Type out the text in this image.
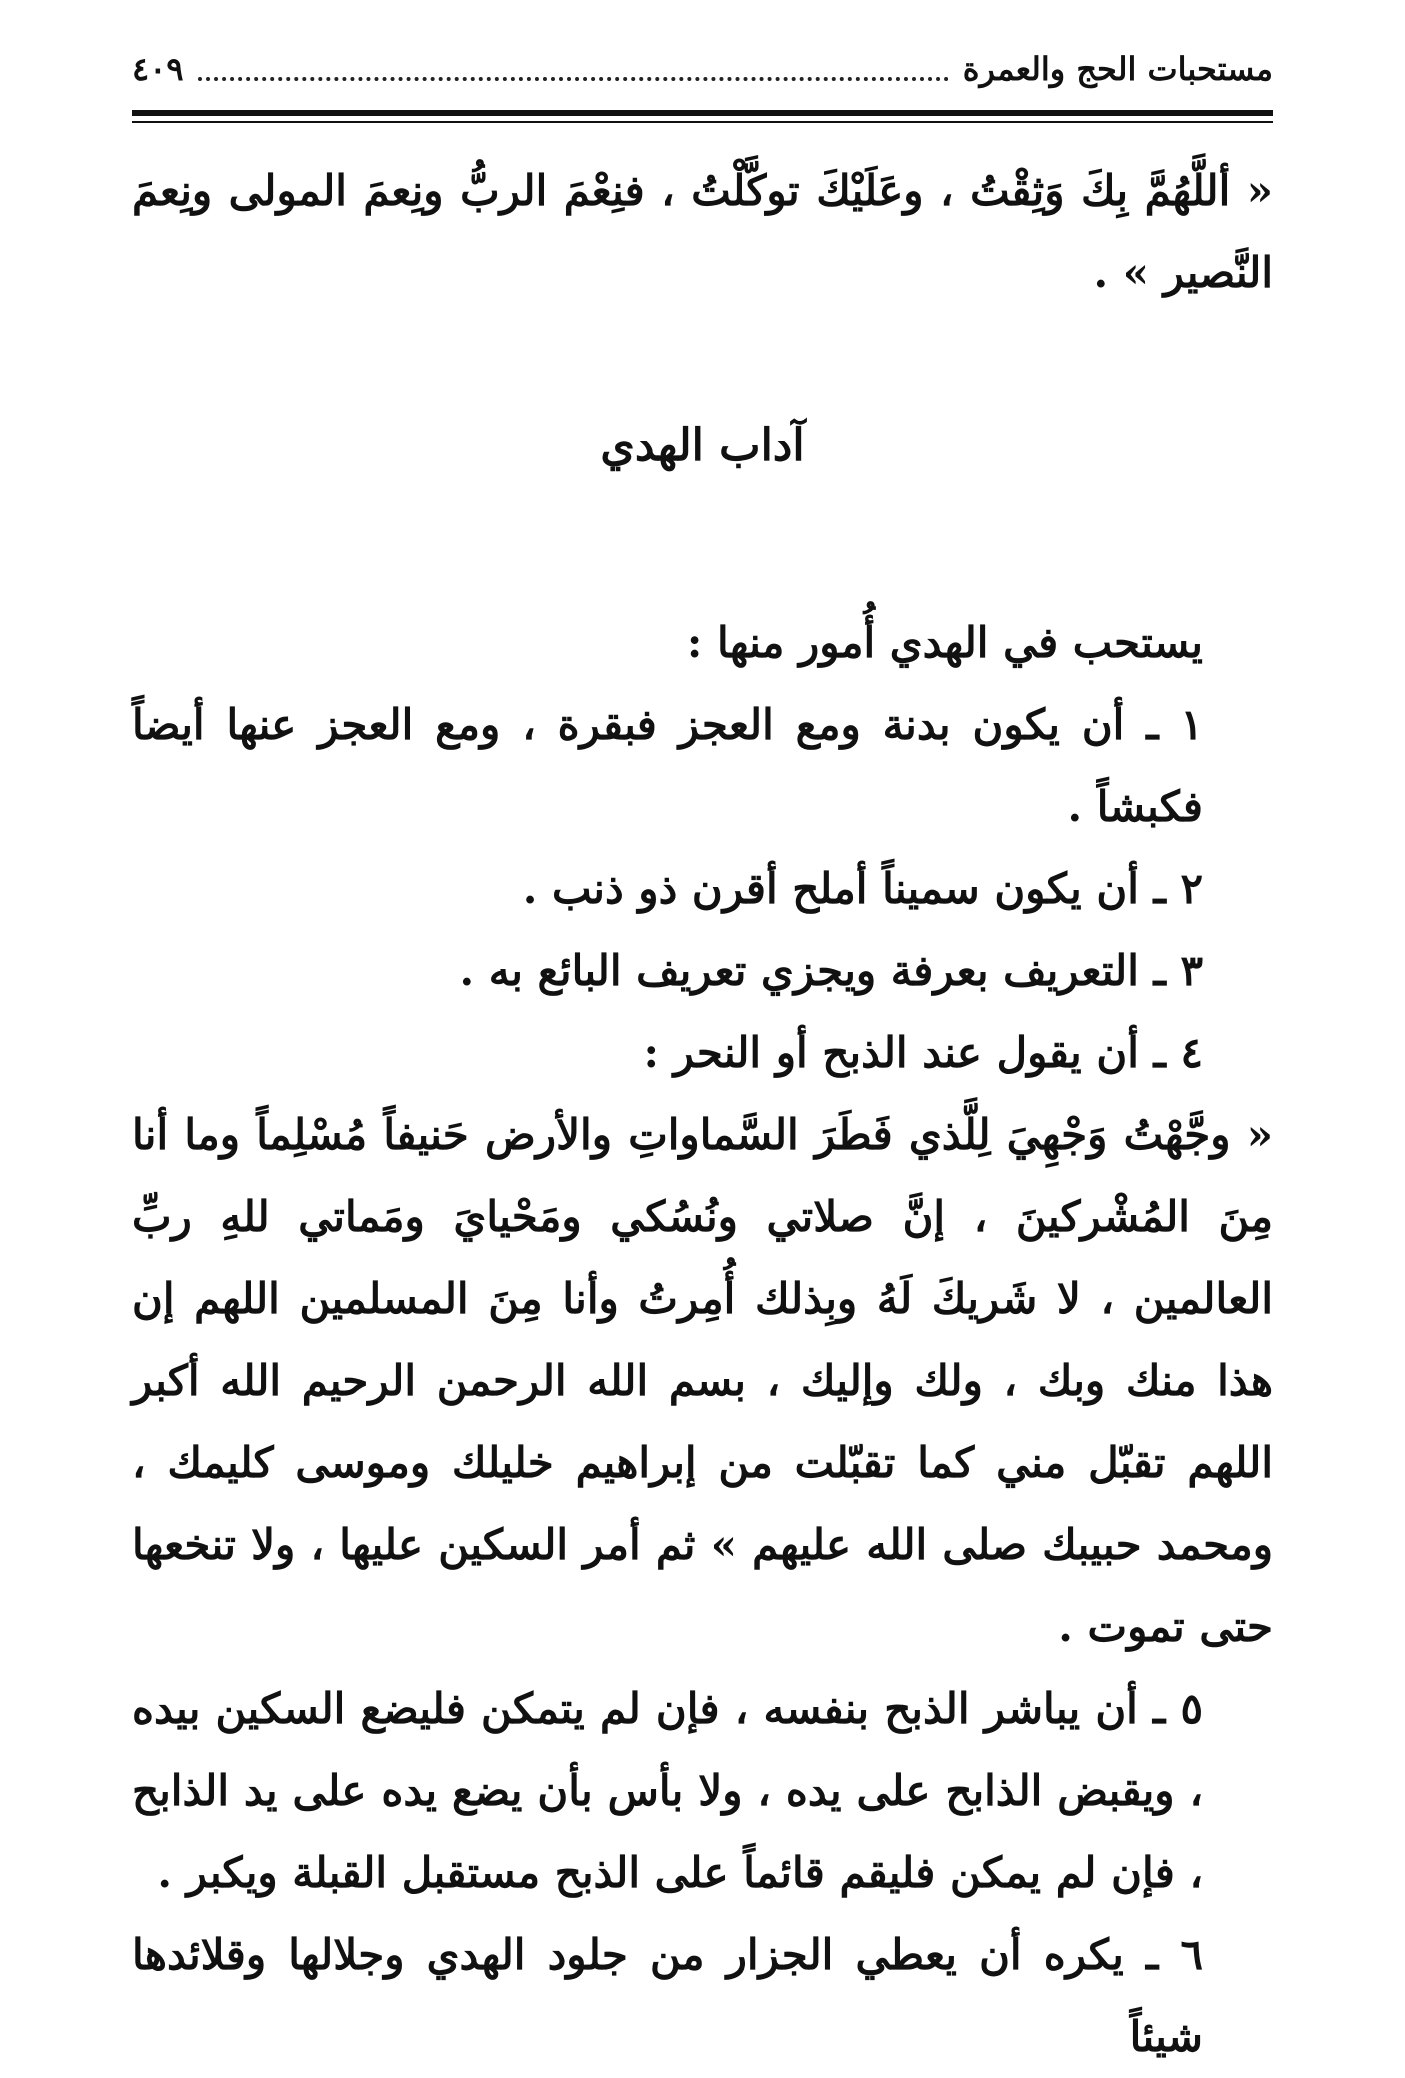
مستحبات الحج والعمرة
٤٠٩

« أللَّهُمَّ بِكَ وَثِقْتُ ، وعَلَيْكَ توكَّلْتُ ، فنِعْمَ الربُّ ونِعمَ المولى ونِعمَ النَّصير » .

آداب الهدي

يستحب في الهدي أُمور منها :

١ ـ أن يكون بدنة ومع العجز فبقرة ، ومع العجز عنها أيضاً فكبشاً .

٢ ـ أن يكون سميناً أملح أقرن ذو ذنب .

٣ ـ التعريف بعرفة ويجزي تعريف البائع به .

٤ ـ أن يقول عند الذبح أو النحر :

« وجَّهْتُ وَجْهِيَ لِلَّذي فَطَرَ السَّماواتِ والأرض حَنيفاً مُسْلِماً وما أنا مِنَ المُشْركينَ ، إنَّ صلاتي ونُسُكي ومَحْيايَ ومَماتي للهِ ربِّ العالمين ، لا شَريكَ لَهُ وبِذلك أُمِرتُ وأنا مِنَ المسلمين اللهم إن هذا منك وبك ، ولك وإليك ، بسم الله الرحمن الرحيم الله أكبر اللهم تقبّل مني كما تقبّلت من إبراهيم خليلك وموسى كليمك ، ومحمد حبيبك صلى الله عليهم » ثم أمر السكين عليها ، ولا تنخعها حتى تموت .

٥ ـ أن يباشر الذبح بنفسه ، فإن لم يتمكن فليضع السكين بيده ، ويقبض الذابح على يده ، ولا بأس بأن يضع يده على يد الذابح ، فإن لم يمكن فليقم قائماً على الذبح مستقبل القبلة ويكبر .

٦ ـ يكره أن يعطي الجزار من جلود الهدي وجلالها وقلائدها شيئاً
